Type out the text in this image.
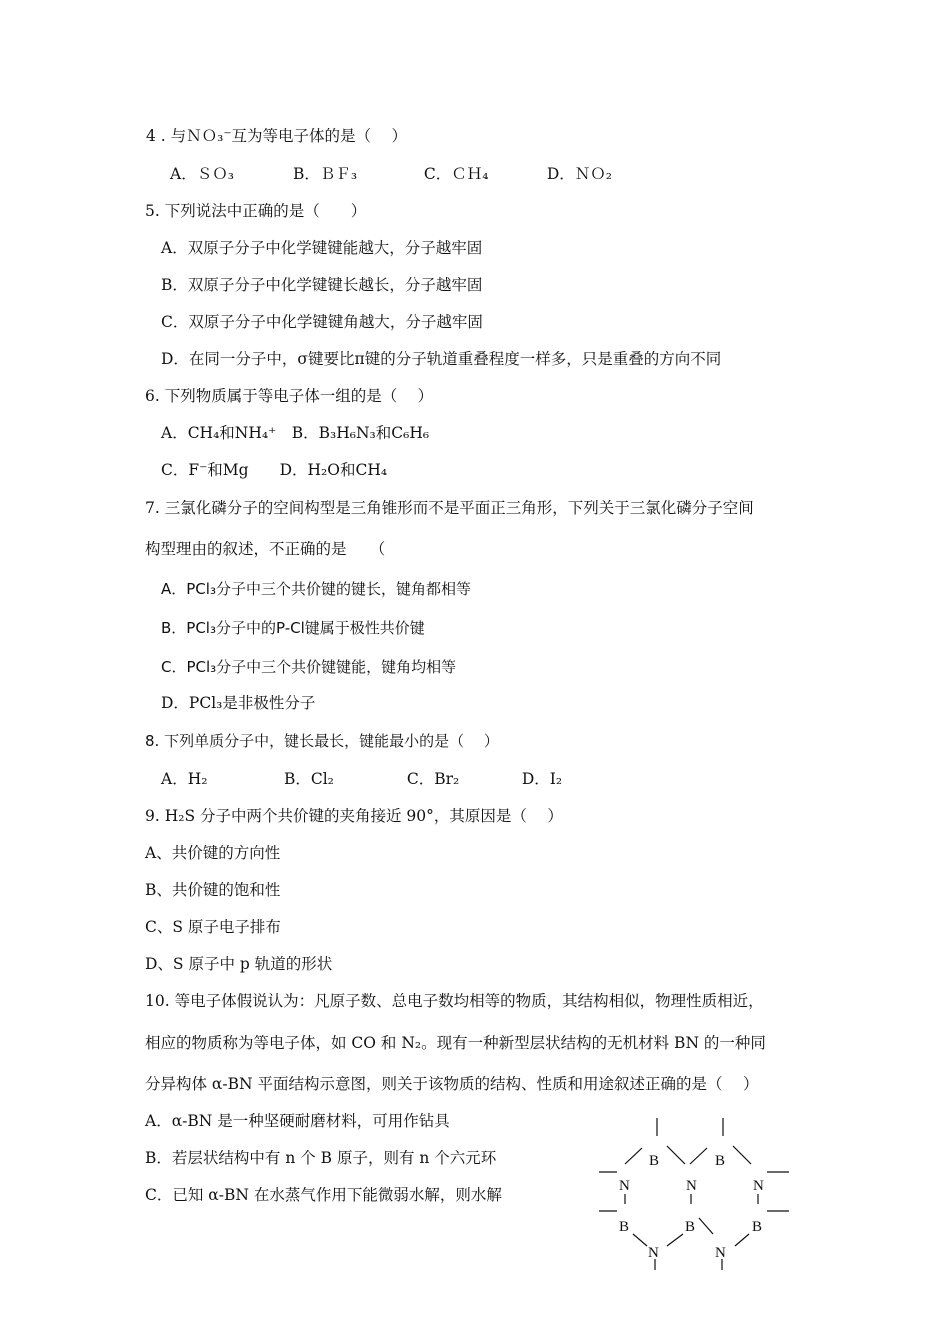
4 . 与ＮＯ₃⁻互为等电子体的是（　 ）
A．ＳＯ₃	B．ＢＦ₃	C．ＣＨ₄	D．ＮＯ₂
5. 下列说法中正确的是（　　）
A．双原子分子中化学键键能越大，分子越牢固
B．双原子分子中化学键键长越长，分子越牢固
C．双原子分子中化学键键角越大，分子越牢固
D．在同一分子中，σ键要比π键的分子轨道重叠程度一样多，只是重叠的方向不同
6. 下列物质属于等电子体一组的是（　 ）
A．CH₄和NH₄⁺　B．B₃H₆N₃和C₆H₆
C．F⁻和Mg　　D．H₂O和CH₄
7. 三氯化磷分子的空间构型是三角锥形而不是平面正三角形，下列关于三氯化磷分子空间
构型理由的叙述，不正确的是　　（
A．PCl₃分子中三个共价键的键长，键角都相等
B．PCl₃分子中的P-Cl键属于极性共价键
C．PCl₃分子中三个共价键键能，键角均相等
D．PCl₃是非极性分子
8. 下列单质分子中，键长最长，键能最小的是（　 ）
A．H₂	B．Cl₂	C．Br₂	D．I₂
9. H₂S 分子中两个共价键的夹角接近 90°，其原因是（　 ）
A、共价键的方向性
B、共价键的饱和性
C、S 原子电子排布
D、S 原子中 p 轨道的形状
10. 等电子体假说认为：凡原子数、总电子数均相等的物质，其结构相似，物理性质相近，
相应的物质称为等电子体，如 CO 和 N₂。现有一种新型层状结构的无机材料 BN 的一种同
分异构体 α-BN 平面结构示意图，则关于该物质的结构、性质和用途叙述正确的是（　 ）
A．α-BN 是一种坚硬耐磨材料，可用作钻具
B．若层状结构中有 n 个 B 原子，则有 n 个六元环
C．已知 α-BN 在水蒸气作用下能微弱水解，则水解
B	B
N	N	N
B	B	B
N	N
